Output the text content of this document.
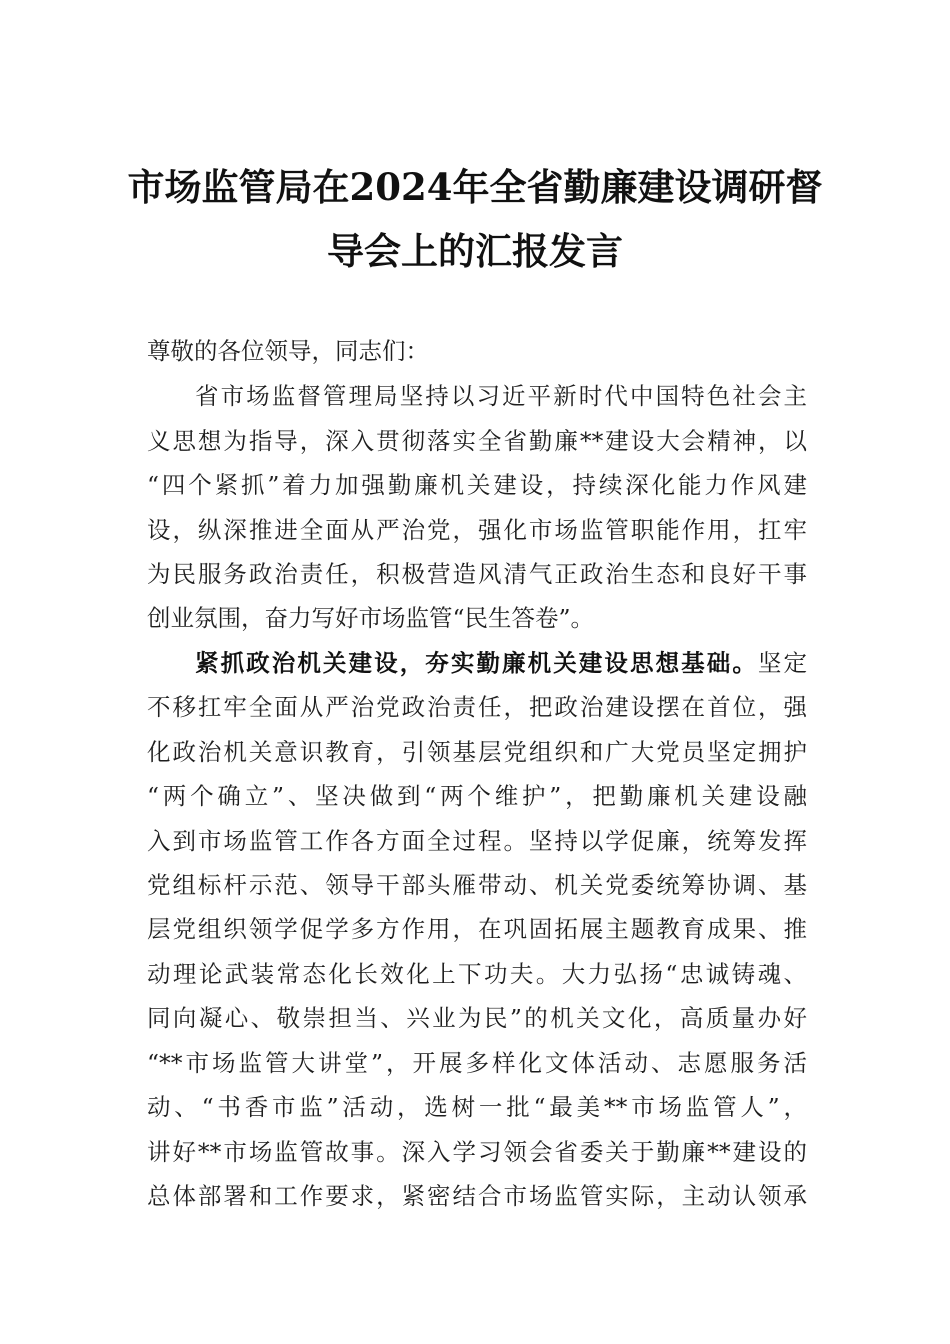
市场监管局在2024年全省勤廉建设调研督
导会上的汇报发言
尊敬的各位领导，同志们：
省市场监督管理局坚持以习近平新时代中国特色社会主
义思想为指导，深入贯彻落实全省勤廉**建设大会精神，以
“四个紧抓”着力加强勤廉机关建设，持续深化能力作风建
设，纵深推进全面从严治党，强化市场监管职能作用，扛牢
为民服务政治责任，积极营造风清气正政治生态和良好干事
创业氛围，奋力写好市场监管“民生答卷”。
紧抓政治机关建设，夯实勤廉机关建设思想基础。坚定
不移扛牢全面从严治党政治责任，把政治建设摆在首位，强
化政治机关意识教育，引领基层党组织和广大党员坚定拥护
“两个确立”、坚决做到“两个维护”，把勤廉机关建设融
入到市场监管工作各方面全过程。坚持以学促廉，统筹发挥
党组标杆示范、领导干部头雁带动、机关党委统筹协调、基
层党组织领学促学多方作用，在巩固拓展主题教育成果、推
动理论武装常态化长效化上下功夫。大力弘扬“忠诚铸魂、
同向凝心、敬崇担当、兴业为民”的机关文化，高质量办好
“**市场监管大讲堂”，开展多样化文体活动、志愿服务活
动、“书香市监”活动，选树一批“最美**市场监管人”，
讲好**市场监管故事。深入学习领会省委关于勤廉**建设的
总体部署和工作要求，紧密结合市场监管实际，主动认领承
